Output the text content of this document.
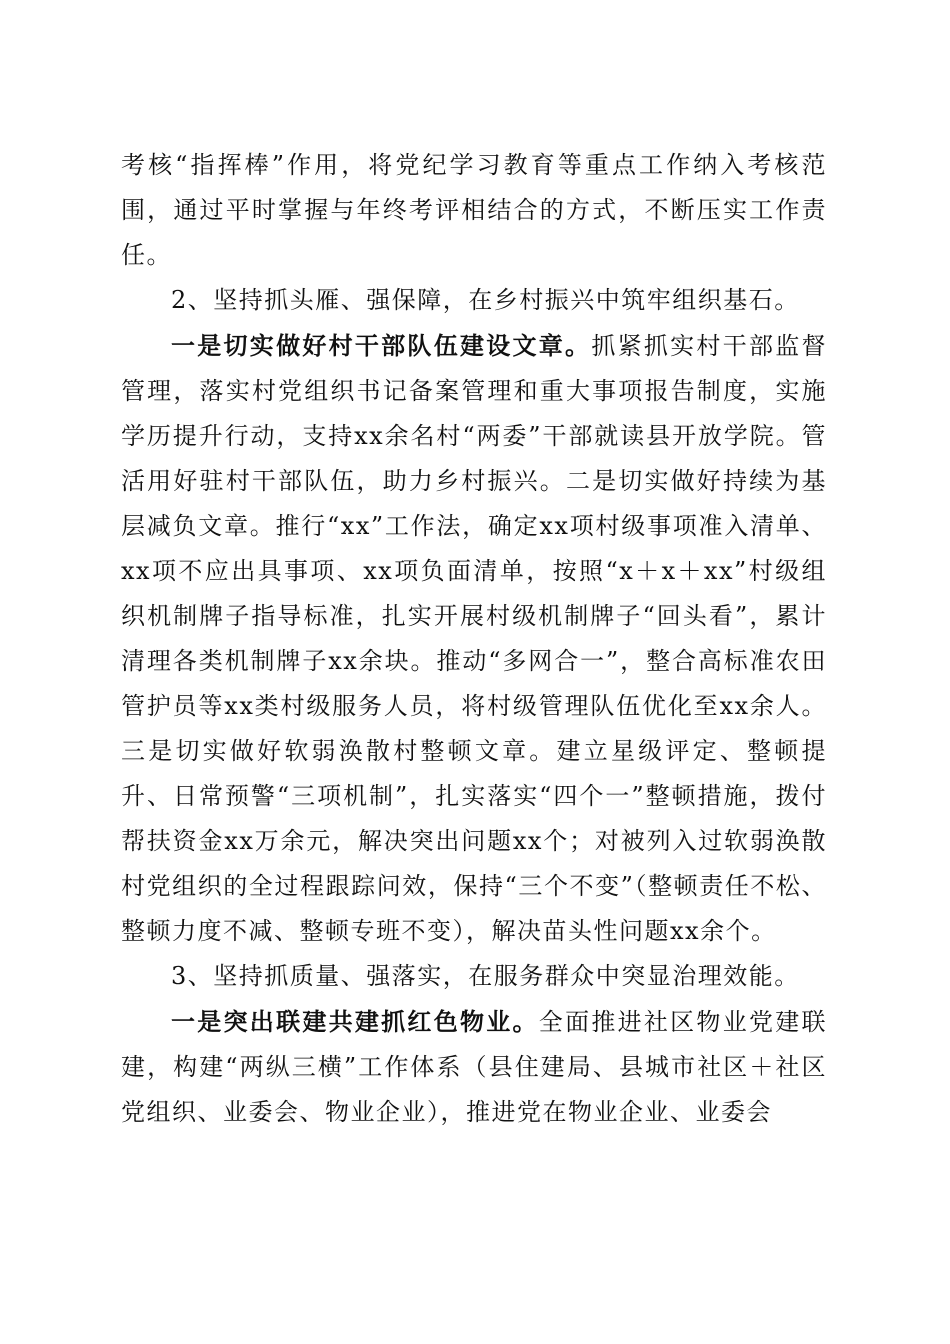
考核“指挥棒”作用，将党纪学习教育等重点工作纳入考核范围，通过平时掌握与年终考评相结合的方式，不断压实工作责任。

2、坚持抓头雁、强保障，在乡村振兴中筑牢组织基石。

一是切实做好村干部队伍建设文章。抓紧抓实村干部监督管理，落实村党组织书记备案管理和重大事项报告制度，实施学历提升行动，支持xx余名村“两委”干部就读县开放学院。管活用好驻村干部队伍，助力乡村振兴。二是切实做好持续为基层减负文章。推行“xx”工作法，确定xx项村级事项准入清单、xx项不应出具事项、xx项负面清单，按照“x＋x＋xx”村级组织机制牌子指导标准，扎实开展村级机制牌子“回头看”，累计清理各类机制牌子xx余块。推动“多网合一”，整合高标准农田管护员等xx类村级服务人员，将村级管理队伍优化至xx余人。三是切实做好软弱涣散村整顿文章。建立星级评定、整顿提升、日常预警“三项机制”，扎实落实“四个一”整顿措施，拨付帮扶资金xx万余元，解决突出问题xx个；对被列入过软弱涣散村党组织的全过程跟踪问效，保持“三个不变”（整顿责任不松、整顿力度不减、整顿专班不变），解决苗头性问题xx余个。

3、坚持抓质量、强落实，在服务群众中突显治理效能。

一是突出联建共建抓红色物业。全面推进社区物业党建联建，构建“两纵三横”工作体系（县住建局、县城市社区＋社区党组织、业委会、物业企业），推进党在物业企业、业委会
